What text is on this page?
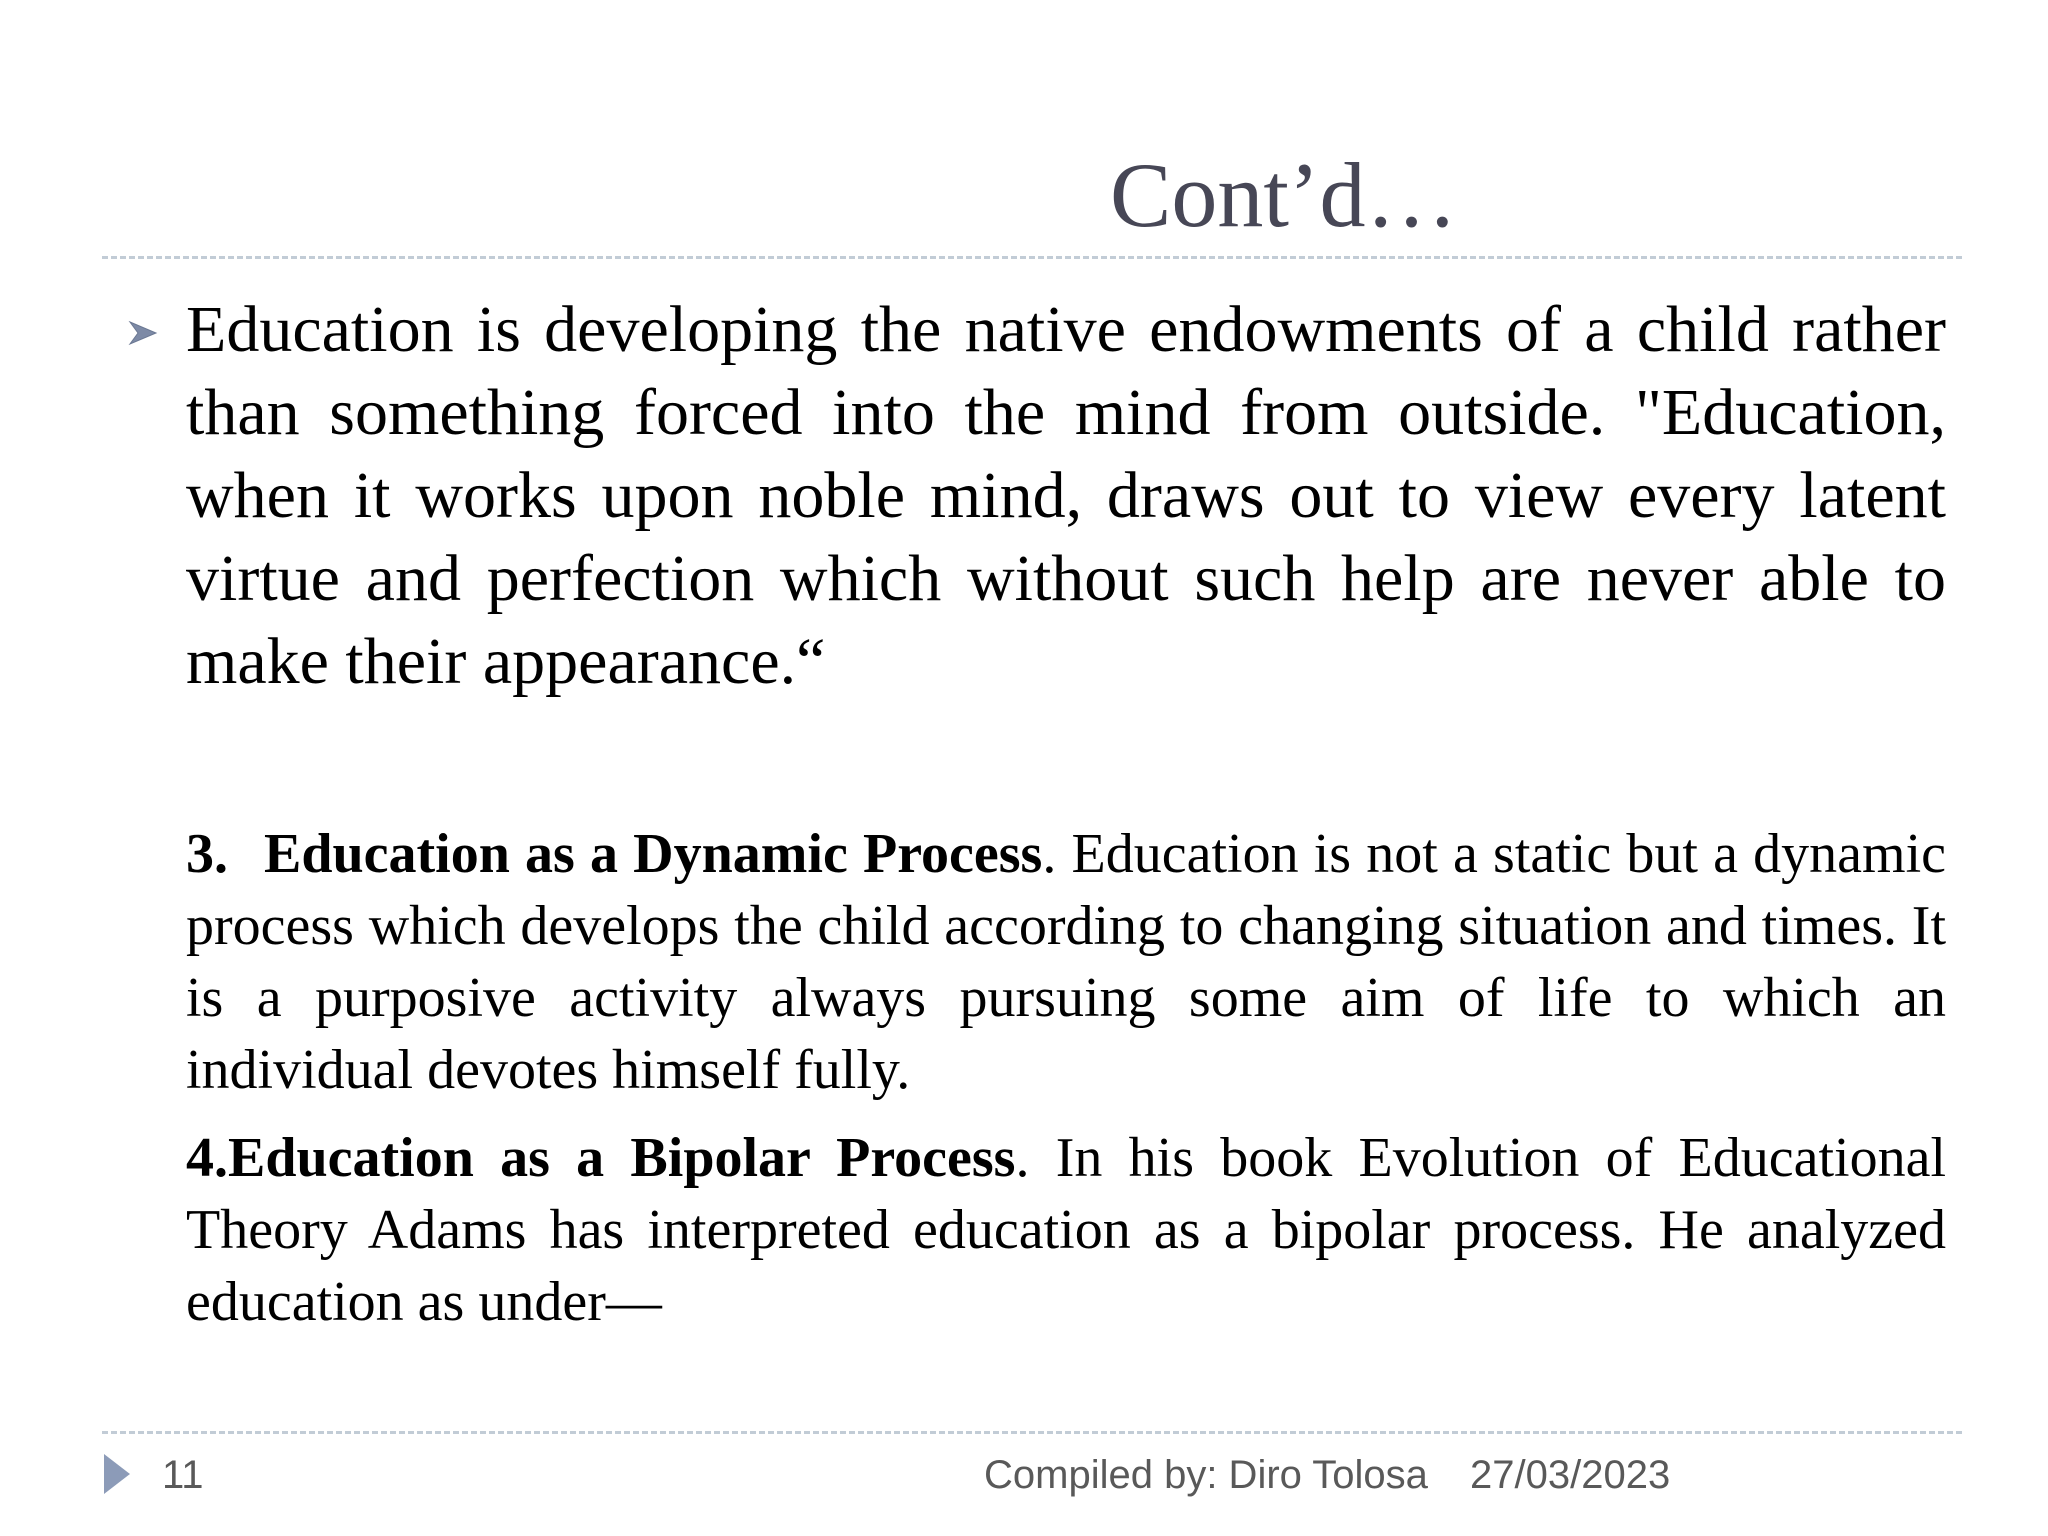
Cont’d…
Education is developing the native endowments of a child rather than something forced into the mind from outside. "Education, when it works upon noble mind, draws out to view every latent virtue and perfection which without such help are never able to make their appearance.“
3. Education as a Dynamic Process. Education is not a static but a dynamic process which develops the child according to changing situation and times. It is a purposive activity always pursuing some aim of life to which an individual devotes himself fully.
4.Education as a Bipolar Process. In his book Evolution of Educational Theory Adams has interpreted education as a bipolar process. He analyzed education as under—
11	Compiled by: Diro Tolosa 27/03/2023
